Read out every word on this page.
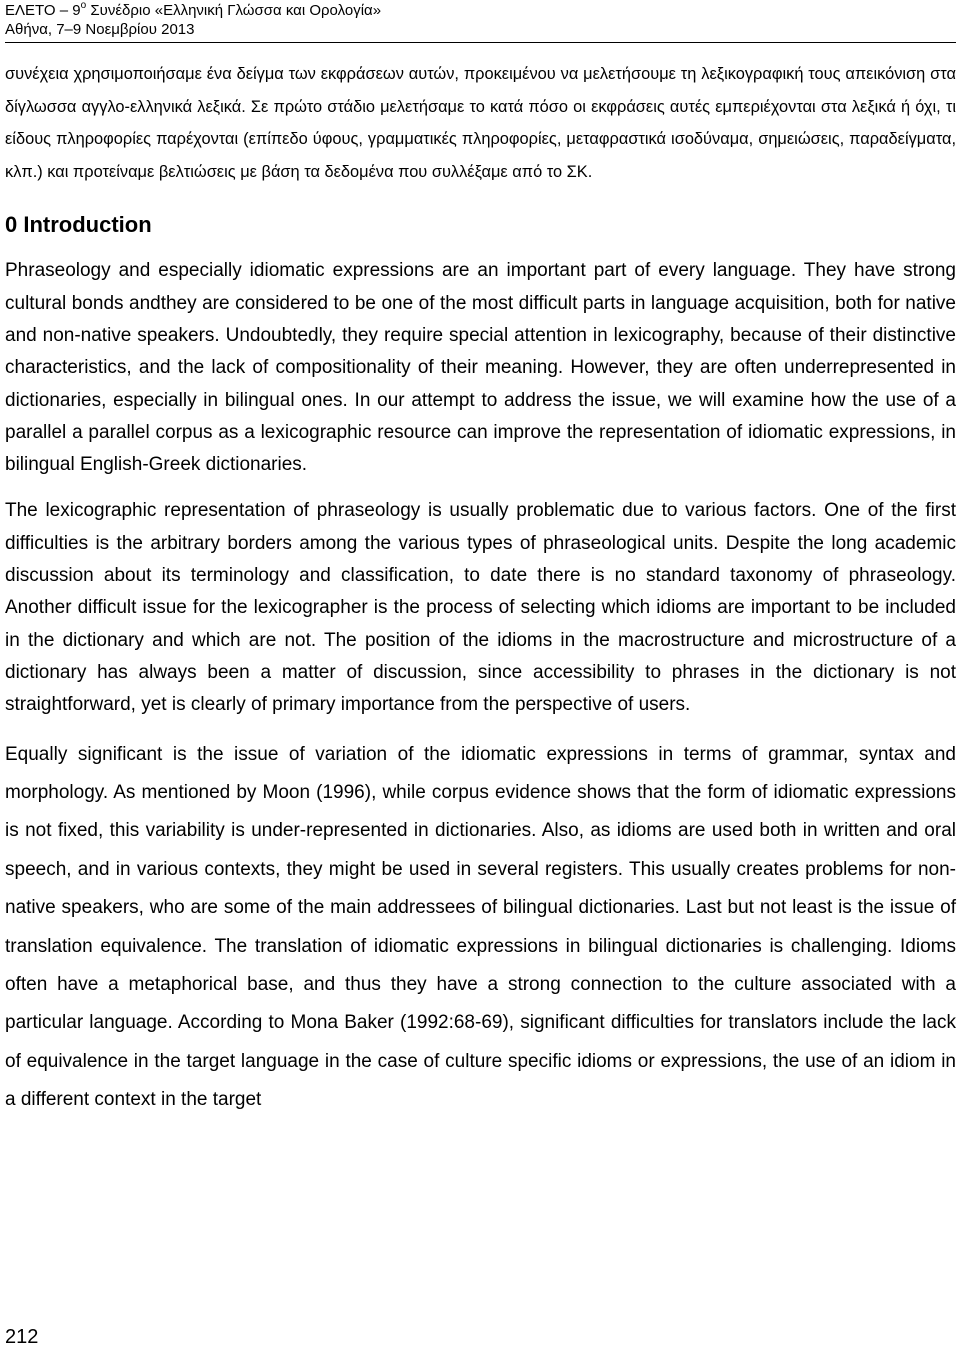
ΕΛΕΤΟ – $9^o$ Συνέδριο «Ελληνική Γλώσσα και Ορολογία»
Αθήνα, 7–9 Νοεμβρίου 2013

συνέχεια χρησιμοποιήσαμε ένα δείγμα των εκφράσεων αυτών, προκειμένου να μελετήσουμε τη λεξικογραφική τους απεικόνιση στα δίγλωσσα αγγλο-ελληνικά λεξικά. Σε πρώτο στάδιο μελετήσαμε το κατά πόσο οι εκφράσεις αυτές εμπεριέχονται στα λεξικά ή όχι, τι είδους πληροφορίες παρέχονται (επίπεδο ύφους, γραμματικές πληροφορίες, μεταφραστικά ισοδύναμα, σημειώσεις, παραδείγματα, κλπ.) και προτείναμε βελτιώσεις με βάση τα δεδομένα που συλλέξαμε από το ΣΚ.

0 Introduction

Phraseology and especially idiomatic expressions are an important part of every language. They have strong cultural bonds andthey are considered to be one of the most difficult parts in language acquisition, both for native and non-native speakers. Undoubtedly, they require special attention in lexicography, because of their distinctive characteristics, and the lack of compositionality of their meaning. However, they are often underrepresented in dictionaries, especially in bilingual ones. In our attempt to address the issue, we will examine how the use of a parallel a parallel corpus as a lexicographic resource can improve the representation of idiomatic expressions, in bilingual English-Greek dictionaries.

The lexicographic representation of phraseology is usually problematic due to various factors. One of the first difficulties is the arbitrary borders among the various types of phraseological units. Despite the long academic discussion about its terminology and classification, to date there is no standard taxonomy of phraseology. Another difficult issue for the lexicographer is the process of selecting which idioms are important to be included in the dictionary and which are not. The position of the idioms in the macrostructure and microstructure of a dictionary has always been a matter of discussion, since accessibility to phrases in the dictionary is not straightforward, yet is clearly of primary importance from the perspective of users.

Equally significant is the issue of variation of the idiomatic expressions in terms of grammar, syntax and morphology. As mentioned by Moon (1996), while corpus evidence shows that the form of idiomatic expressions is not fixed, this variability is under-represented in dictionaries. Also, as idioms are used both in written and oral speech, and in various contexts, they might be used in several registers. This usually creates problems for non-native speakers, who are some of the main addressees of bilingual dictionaries. Last but not least is the issue of translation equivalence. The translation of idiomatic expressions in bilingual dictionaries is challenging. Idioms often have a metaphorical base, and thus they have a strong connection to the culture associated with a particular language. According to Mona Baker (1992:68-69), significant difficulties for translators include the lack of equivalence in the target language in the case of culture specific idioms or expressions, the use of an idiom in a different context in the target

212
